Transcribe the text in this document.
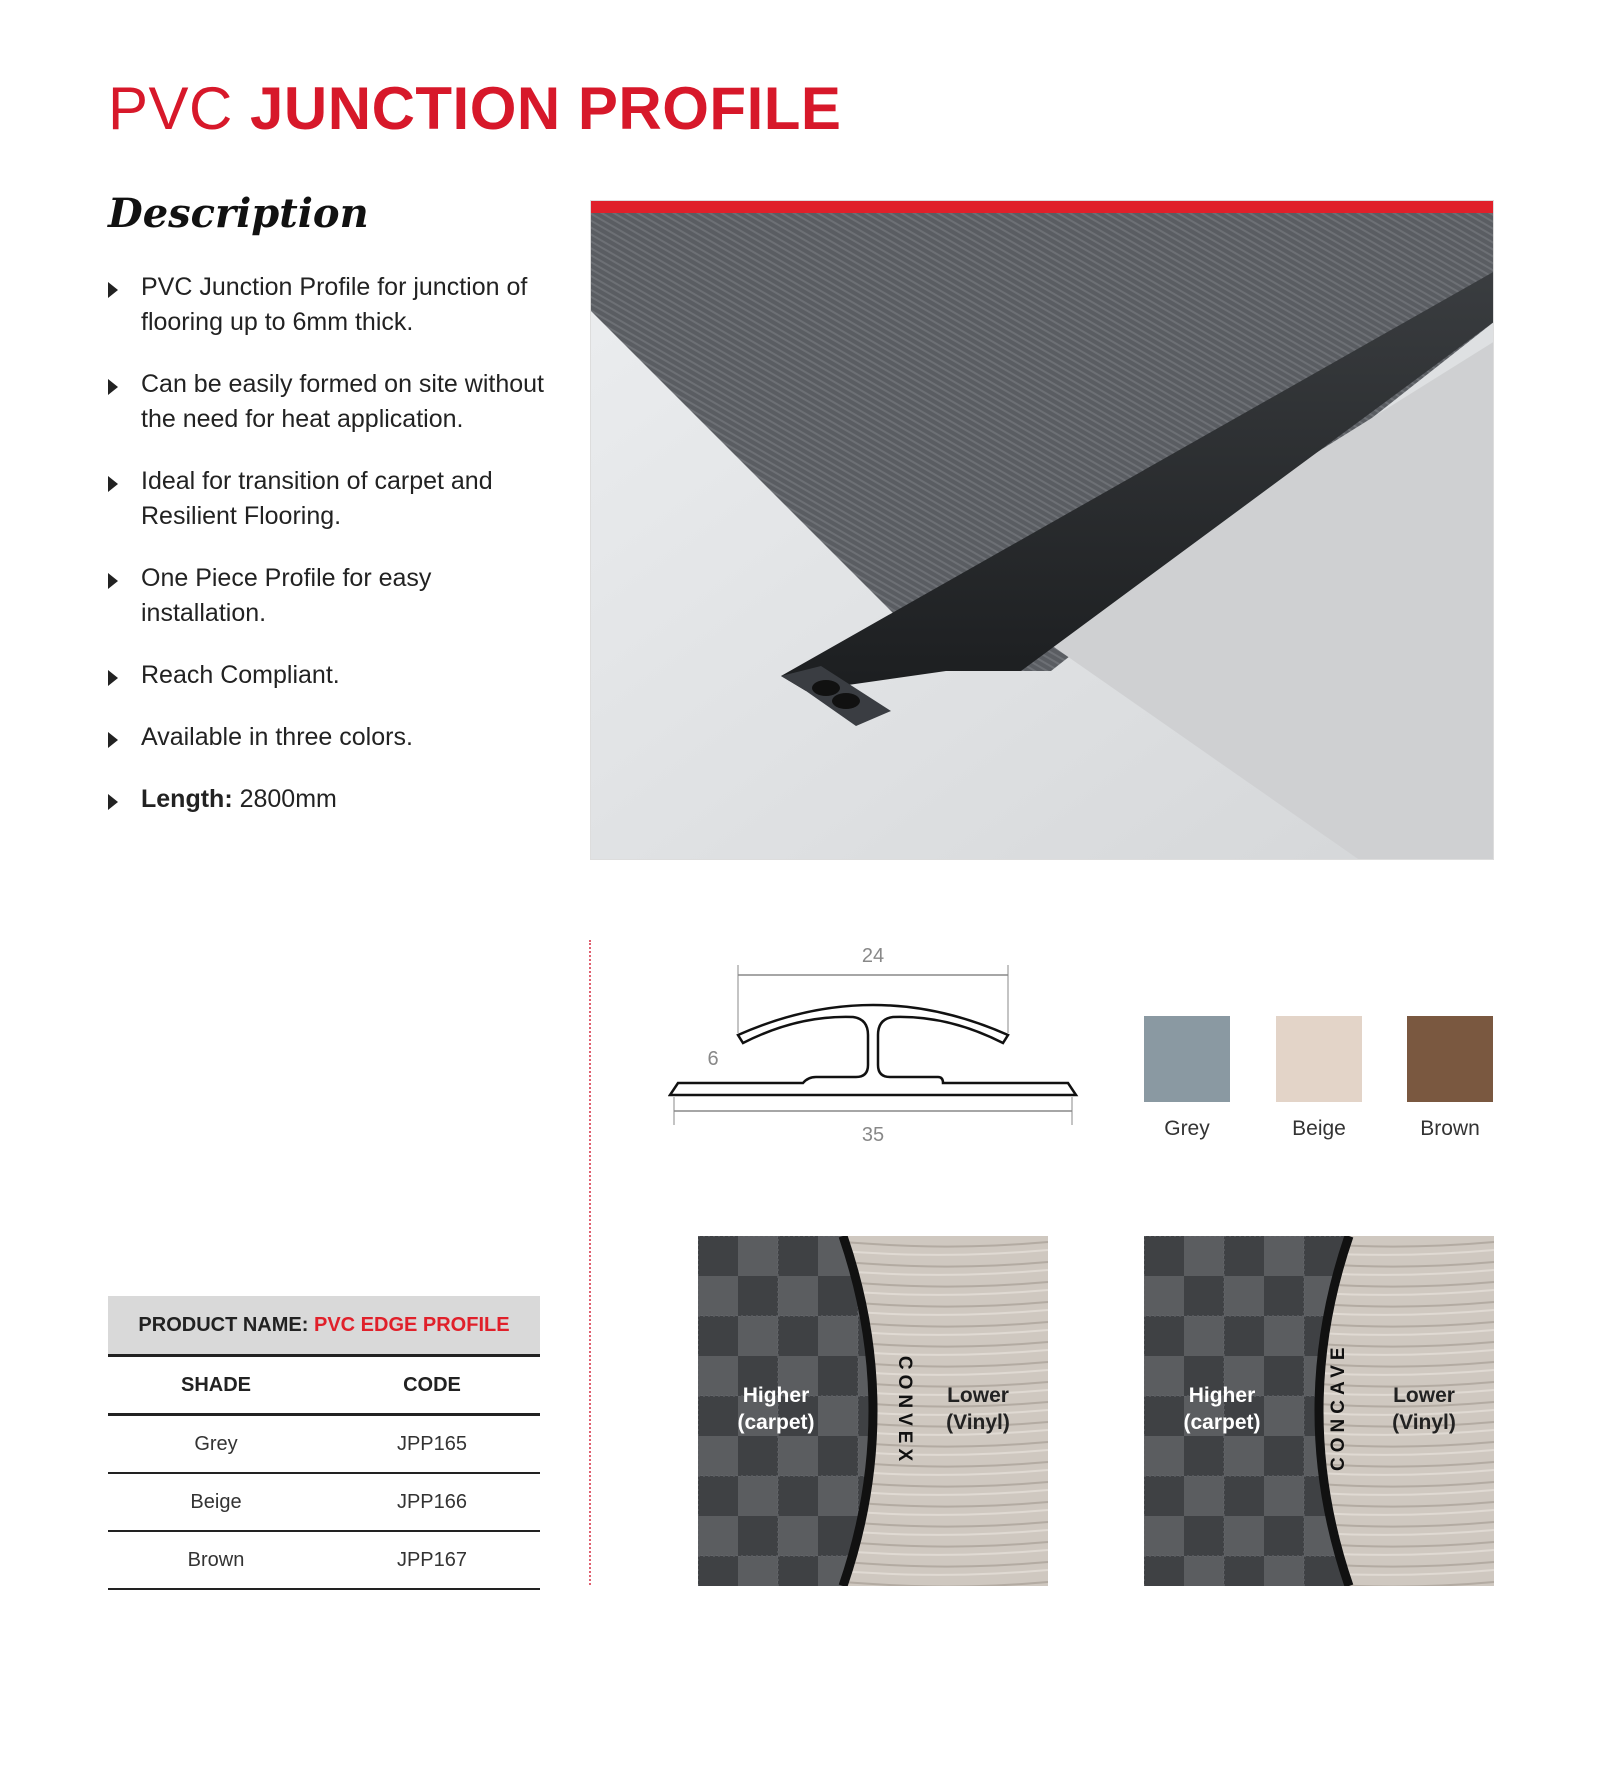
PVC JUNCTION PROFILE
Description
PVC Junction Profile for junction of flooring up to 6mm thick.
Can be easily formed on site without the need for heat application.
Ideal for transition of carpet and Resilient Flooring.
One Piece Profile for easy installation.
Reach Compliant.
Available in three colors.
Length: 2800mm
24
6
35	Grey	Beige	Brown
PRODUCT NAME: PVC EDGE PROFILE
SHADE	CODE
Grey	JPP165
Beige	JPP166
Brown	JPP167
Higher
(carpet)
Lower
(Vinyl)
CONVEX	Higher
(carpet)
Lower
(Vinyl)
CONCAVE
